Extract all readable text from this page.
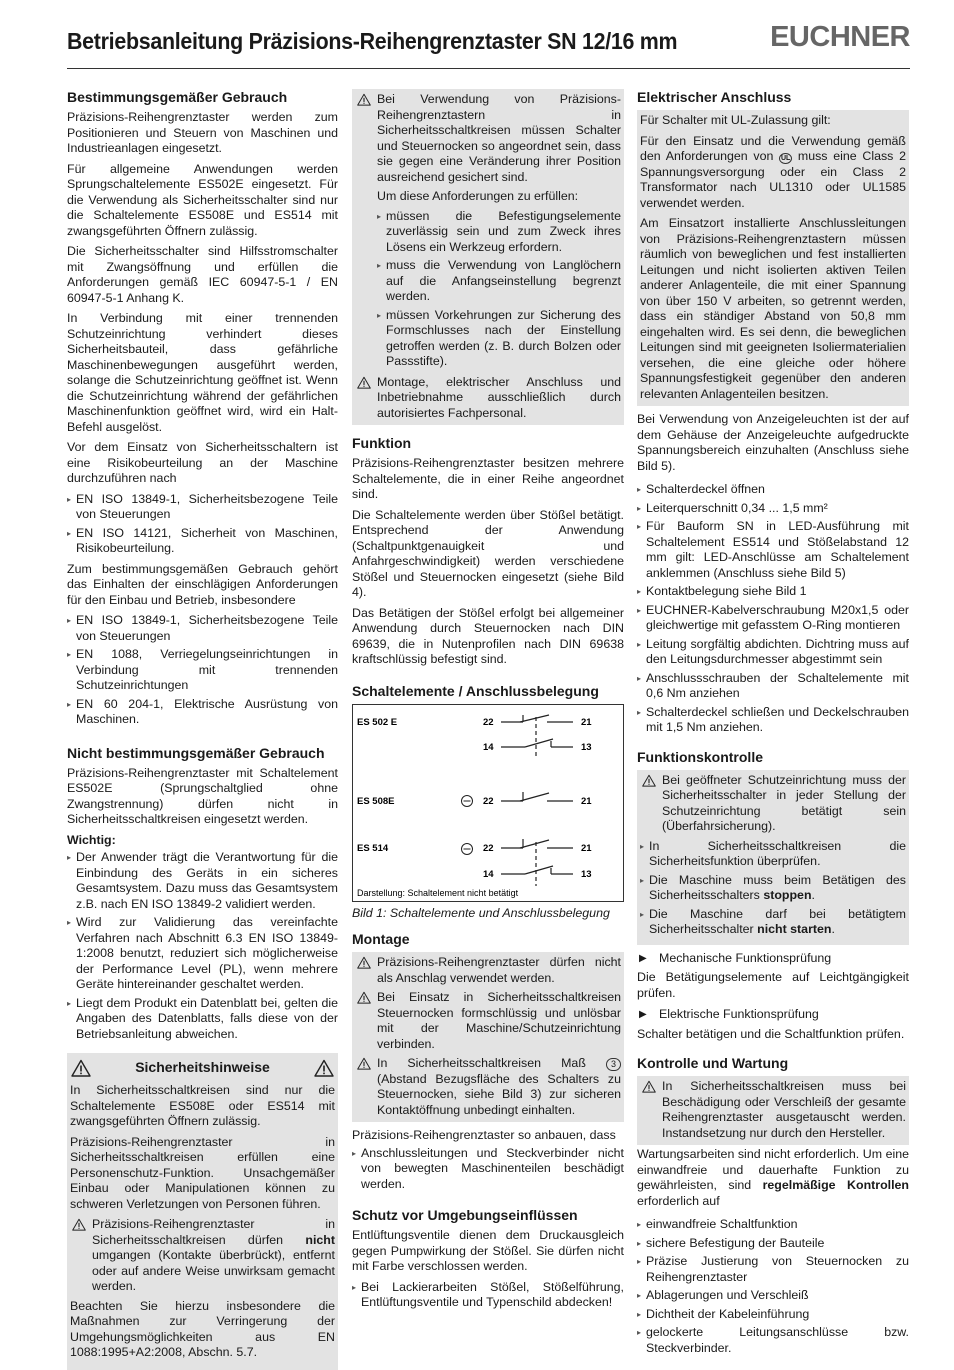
Betriebsanleitung Präzisions-Reihengrenztaster SN 12/16 mm	EUCHNER
Bestimmungsgemäßer Gebrauch

Präzisions-Reihengrenztaster werden zum Positionieren und Steuern von Maschinen und Industrieanlagen eingesetzt.

Für allgemeine Anwendungen werden Sprungschaltelemente ES502E eingesetzt. Für die Verwendung als Sicherheitsschalter sind nur die Schaltelemente ES508E und ES514 mit zwangsgeführten Öffnern zulässig.

Die Sicherheitsschalter sind Hilfsstromschalter mit Zwangsöffnung und erfüllen die Anforderungen gemäß IEC 60947-5-1 / EN 60947-5-1 Anhang K.

In Verbindung mit einer trennenden Schutzeinrichtung verhindert dieses Sicherheitsbauteil, dass gefährliche Maschinenbewegungen ausgeführt werden, solange die Schutzeinrichtung geöffnet ist. Wenn die Schutzeinrichtung während der gefährlichen Maschinenfunktion geöffnet wird, wird ein Halt-Befehl ausgelöst.

Vor dem Einsatz von Sicherheitsschaltern ist eine Risikobeurteilung an der Maschine durchzuführen nach

▸ EN ISO 13849-1, Sicherheitsbezogene Teile von Steuerungen
▸ EN ISO 14121, Sicherheit von Maschinen, Risikobeurteilung.

Zum bestimmungsgemäßen Gebrauch gehört das Einhalten der einschlägigen Anforderungen für den Einbau und Betrieb, insbesondere

▸ EN ISO 13849-1, Sicherheitsbezogene Teile von Steuerungen
▸ EN 1088, Verriegelungseinrichtungen in Verbindung mit trennenden Schutzeinrichtungen
▸ EN 60 204-1, Elektrische Ausrüstung von Maschinen.
Nicht bestimmungsgemäßer Gebrauch

Präzisions-Reihengrenztaster mit Schaltelement ES502E (Sprungschaltglied ohne Zwangstrennung) dürfen nicht in Sicherheitsschaltkreisen eingesetzt werden.

Wichtig:

▸ Der Anwender trägt die Verantwortung für die Einbindung des Geräts in ein sicheres Gesamtsystem. Dazu muss das Gesamtsystem z.B. nach EN ISO 13849-2 validiert werden.
▸ Wird zur Validierung das vereinfachte Verfahren nach Abschnitt 6.3 EN ISO 13849-1:2008 benutzt, reduziert sich möglicherweise der Performance Level (PL), wenn mehrere Geräte hintereinander geschaltet werden.
▸ Liegt dem Produkt ein Datenblatt bei, gelten die Angaben des Datenblatts, falls diese von der Betriebsanleitung abweichen.
Sicherheitshinweise

In Sicherheitsschaltkreisen sind nur die Schaltelemente ES508E oder ES514 mit zwangsgeführten Öffnern zulässig.

Präzisions-Reihengrenztaster in Sicherheitsschaltkreisen erfüllen eine Personenschutz-Funktion. Unsachgemäßer Einbau oder Manipulationen können zu schweren Verletzungen von Personen führen.

Präzisions-Reihengrenztaster in Sicherheitsschaltkreisen dürfen nicht umgangen (Kontakte überbrückt), entfernt oder auf andere Weise unwirksam gemacht werden.

Beachten Sie hierzu insbesondere die Maßnahmen zur Verringerung der Umgehungsmöglichkeiten aus EN 1088:1995+A2:2008, Abschn. 5.7.

Bei Verwendung von Präzisions-Reihengrenztastern in Sicherheitsschaltkreisen müssen Schalter und Steuernocken so angeordnet sein, dass sie gegen eine Veränderung ihrer Position ausreichend gesichert sind.

Um diese Anforderungen zu erfüllen:

▸ müssen die Befestigungselemente zuverlässig sein und zum Zweck ihres Lösens ein Werkzeug erfordern.
▸ muss die Verwendung von Langlöchern auf die Anfangseinstellung begrenzt werden.
▸ müssen Vorkehrungen zur Sicherung des Formschlusses nach der Einstellung getroffen werden (z. B. durch Bolzen oder Passstifte).
Montage, elektrischer Anschluss und Inbetriebnahme ausschließlich durch autorisiertes Fachpersonal.
Funktion

Präzisions-Reihengrenztaster besitzen mehrere Schaltelemente, die in einer Reihe angeordnet sind.

Die Schaltelemente werden über Stößel betätigt. Entsprechend der Anwendung (Schaltpunktgenauigkeit und Anfahrgeschwindigkeit) werden verschiedene Stößel und Steuernocken eingesetzt (siehe Bild 4).

Das Betätigen der Stößel erfolgt bei allgemeiner Anwendung durch Steuernocken nach DIN 69639, die in Nutenprofilen nach DIN 69638 kraftschlüssig befestigt sind.

Schaltelemente / Anschlussbelegung
ES 502 E
ES 508E
ES 514
22	21
14	13
22	21
22	21
14	13
Darstellung: Schaltelement nicht betätigt

Bild 1: Schaltelemente und Anschlussbelegung

Montage
Präzisions-Reihengrenztaster dürfen nicht als Anschlag verwendet werden.
Bei Einsatz in Sicherheitsschaltkreisen Steuernocken formschlüssig und unlösbar mit der Maschine/Schutzeinrichtung verbinden.
In Sicherheitsschaltkreisen Maß 3 (Abstand Bezugsfläche des Schalters zu Steuernocken, siehe Bild 3) zur sicheren Kontaktöffnung unbedingt einhalten.

Präzisions-Reihengrenztaster so anbauen, dass

▸ Anschlussleitungen und Steckverbinder nicht von bewegten Maschinenteilen beschädigt werden.
Schutz vor Umgebungseinflüssen

Entlüftungsventile dienen dem Druckausgleich gegen Pumpwirkung der Stößel. Sie dürfen nicht mit Farbe verschlossen werden.

▸ Bei Lackierarbeiten Stößel, Stößelführung, Entlüftungsventile und Typenschild abdecken!
Elektrischer Anschluss

Für Schalter mit UL-Zulassung gilt:

Für den Einsatz und die Verwendung gemäß den Anforderungen von UL muss eine Class 2 Spannungsversorgung oder ein Class 2 Transformator nach UL1310 oder UL1585 verwendet werden.

Am Einsatzort installierte Anschlussleitungen von Präzisions-Reihengrenztastern müssen räumlich von beweglichen und fest installierten Leitungen und nicht isolierten aktiven Teilen anderer Anlagenteile, die mit einer Spannung von über 150 V arbeiten, so getrennt werden, dass ein ständiger Abstand von 50,8 mm eingehalten wird. Es sei denn, die beweglichen Leitungen sind mit geeigneten Isoliermaterialien versehen, die eine gleiche oder höhere Spannungsfestigkeit gegenüber den anderen relevanten Anlagenteilen besitzen.

Bei Verwendung von Anzeigeleuchten ist der auf dem Gehäuse der Anzeigeleuchte aufgedruckte Spannungsbereich einzuhalten (Anschluss siehe Bild 5).

▸ Schalterdeckel öffnen
▸ Leiterquerschnitt 0,34 ... 1,5 mm²
▸ Für Bauform SN in LED-Ausführung mit Schaltelement ES514 und Stößelabstand 12 mm gilt: LED-Anschlüsse am Schaltelement anklemmen (Anschluss siehe Bild 5)
▸ Kontaktbelegung siehe Bild 1
▸ EUCHNER-Kabelverschraubung M20x1,5 oder gleichwertige mit gefasstem O-Ring montieren
▸ Leitung sorgfältig abdichten. Dichtring muss auf den Leitungsdurchmesser abgestimmt sein
▸ Anschlussschrauben der Schaltelemente mit 0,6 Nm anziehen
▸ Schalterdeckel schließen und Deckelschrauben mit 1,5 Nm anziehen.
Funktionskontrolle
Bei geöffneter Schutzeinrichtung muss der Sicherheitsschalter in jeder Stellung der Schutzeinrichtung betätigt sein (Überfahrsicherung).
▸ In Sicherheitsschaltkreisen die Sicherheitsfunktion überprüfen.
▸ Die Maschine muss beim Betätigen des Sicherheitsschalters stoppen.
▸ Die Maschine darf bei betätigtem Sicherheitsschalter nicht starten.
▶ Mechanische Funktionsprüfung

Die Betätigungselemente auf Leichtgängigkeit prüfen.

▶ Elektrische Funktionsprüfung

Schalter betätigen und die Schaltfunktion prüfen.

Kontrolle und Wartung
In Sicherheitsschaltkreisen muss bei Beschädigung oder Verschleiß der gesamte Reihengrenztaster ausgetauscht werden. Instandsetzung nur durch den Hersteller.

Wartungsarbeiten sind nicht erforderlich. Um eine einwandfreie und dauerhafte Funktion zu gewährleisten, sind regelmäßige Kontrollen erforderlich auf

▸ einwandfreie Schaltfunktion
▸ sichere Befestigung der Bauteile
▸ Präzise Justierung von Steuernocken zu Reihengrenztaster
▸ Ablagerungen und Verschleiß
▸ Dichtheit der Kabeleinführung
▸ gelockerte Leitungsanschlüsse bzw. Steckverbinder.
